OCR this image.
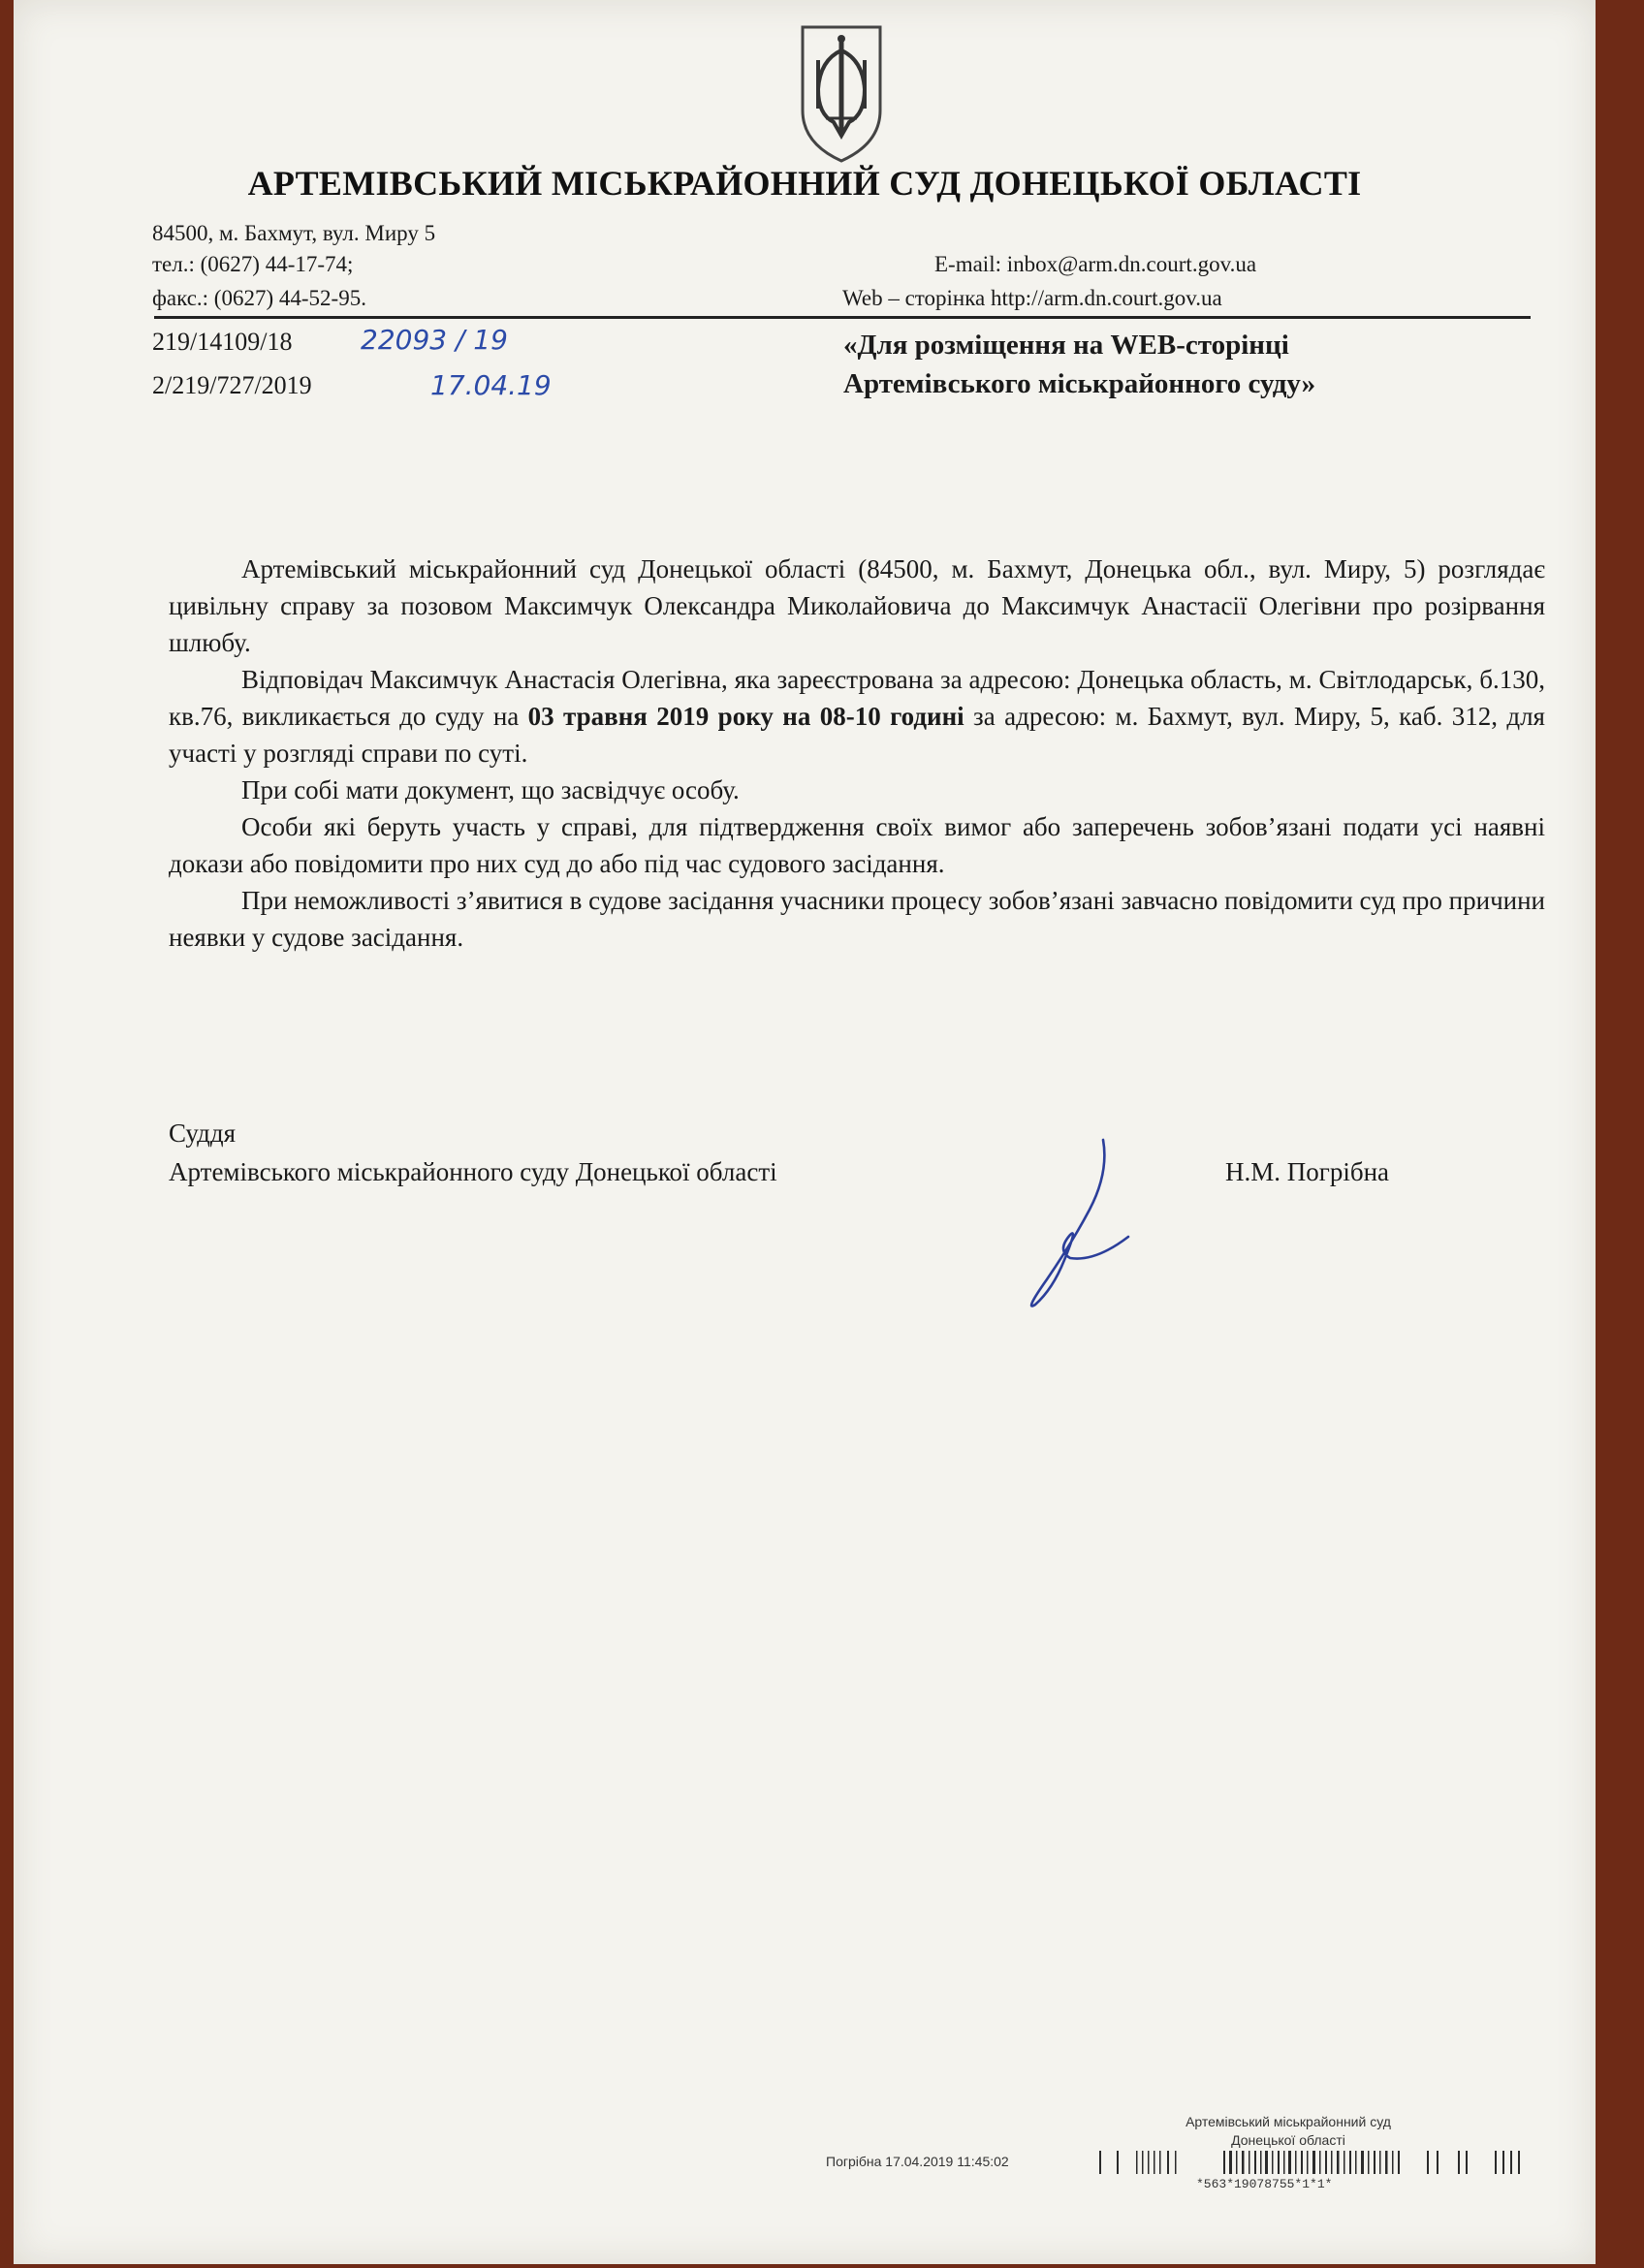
АРТЕМІВСЬКИЙ МІСЬКРАЙОННИЙ СУД ДОНЕЦЬКОЇ ОБЛАСТІ
84500, м. Бахмут, вул. Миру 5
тел.: (0627) 44-17-74;
факс.: (0627) 44-52-95.
E-mail: inbox@arm.dn.court.gov.ua
Web – сторінка http://arm.dn.court.gov.ua
219/14109/18
2/219/727/2019
22093 / 19
17.04.19
«Для розміщення на WEB-сторінці
Артемівського міськрайонного суду»

Артемівський міськрайонний суд Донецької області (84500, м. Бахмут, Донецька обл., вул. Миру, 5) розглядає цивільну справу за позовом Максимчук Олександра Миколайовича до Максимчук Анастасії Олегівни про розірвання шлюбу.

Відповідач Максимчук Анастасія Олегівна, яка зареєстрована за адресою: Донецька область, м. Світлодарськ, б.130, кв.76, викликається до суду на 03 травня 2019 року на 08-10 годині за адресою: м. Бахмут, вул. Миру, 5, каб. 312, для участі у розгляді справи по суті.

При собі мати документ, що засвідчує особу.

Особи які беруть участь у справі, для підтвердження своїх вимог або заперечень зобов’язані подати усі наявні докази або повідомити про них суд до або під час судового засідання.

При неможливості з’явитися в судове засідання учасники процесу зобов’язані завчасно повідомити суд про причини неявки у судове засідання.

Суддя
Артемівського міськрайонного суду Донецької області	Н.М. Погрібна
Артемівський міськрайонний суд
Донецької області
Погрібна 17.04.2019 11:45:02
*563*19078755*1*1*
